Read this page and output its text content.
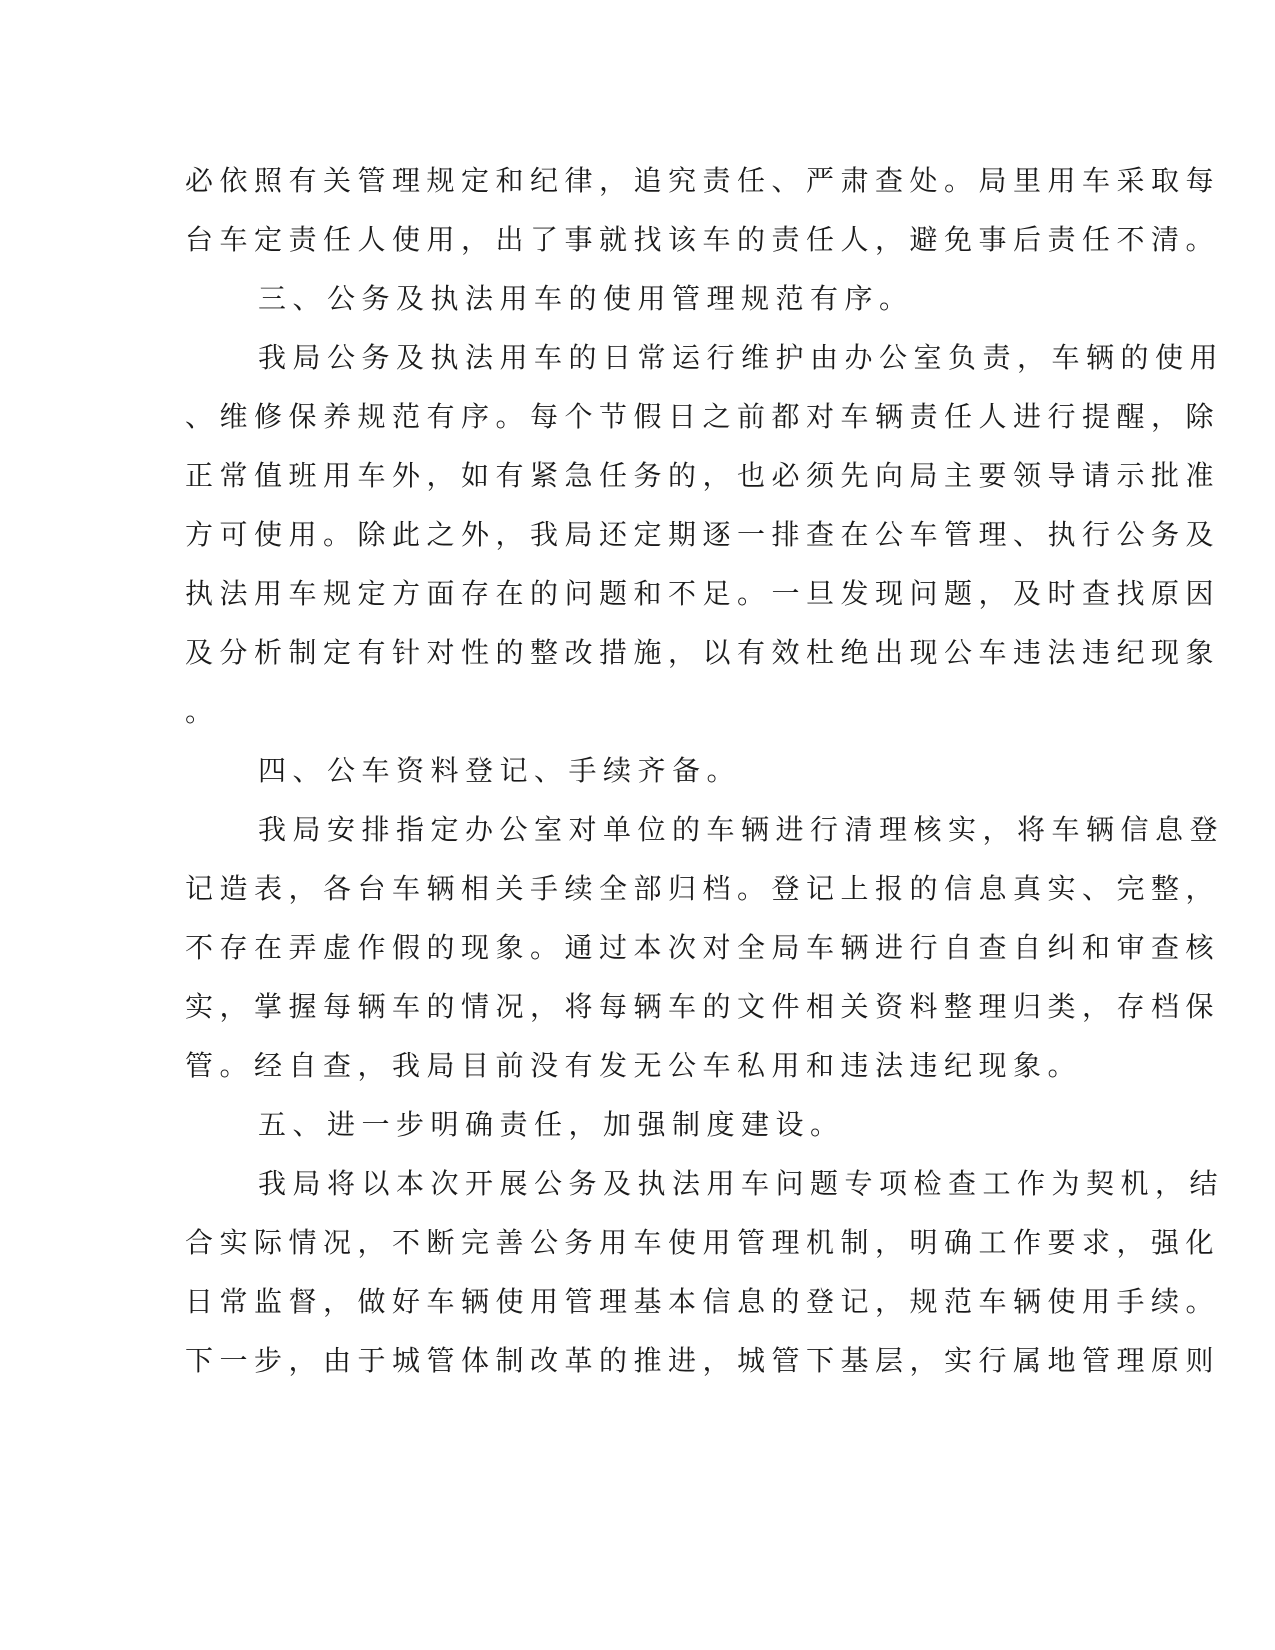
必依照有关管理规定和纪律，追究责任、严肃查处。局里用车采取每
台车定责任人使用，出了事就找该车的责任人，避免事后责任不清。
三、公务及执法用车的使用管理规范有序。
我局公务及执法用车的日常运行维护由办公室负责，车辆的使用
、维修保养规范有序。每个节假日之前都对车辆责任人进行提醒，除
正常值班用车外，如有紧急任务的，也必须先向局主要领导请示批准
方可使用。除此之外，我局还定期逐一排查在公车管理、执行公务及
执法用车规定方面存在的问题和不足。一旦发现问题，及时查找原因
及分析制定有针对性的整改措施，以有效杜绝出现公车违法违纪现象
。
四、公车资料登记、手续齐备。
我局安排指定办公室对单位的车辆进行清理核实，将车辆信息登
记造表，各台车辆相关手续全部归档。登记上报的信息真实、完整，
不存在弄虚作假的现象。通过本次对全局车辆进行自查自纠和审查核
实，掌握每辆车的情况，将每辆车的文件相关资料整理归类，存档保
管。经自查，我局目前没有发无公车私用和违法违纪现象。
五、进一步明确责任，加强制度建设。
我局将以本次开展公务及执法用车问题专项检查工作为契机，结
合实际情况，不断完善公务用车使用管理机制，明确工作要求，强化
日常监督，做好车辆使用管理基本信息的登记，规范车辆使用手续。
下一步，由于城管体制改革的推进，城管下基层，实行属地管理原则
